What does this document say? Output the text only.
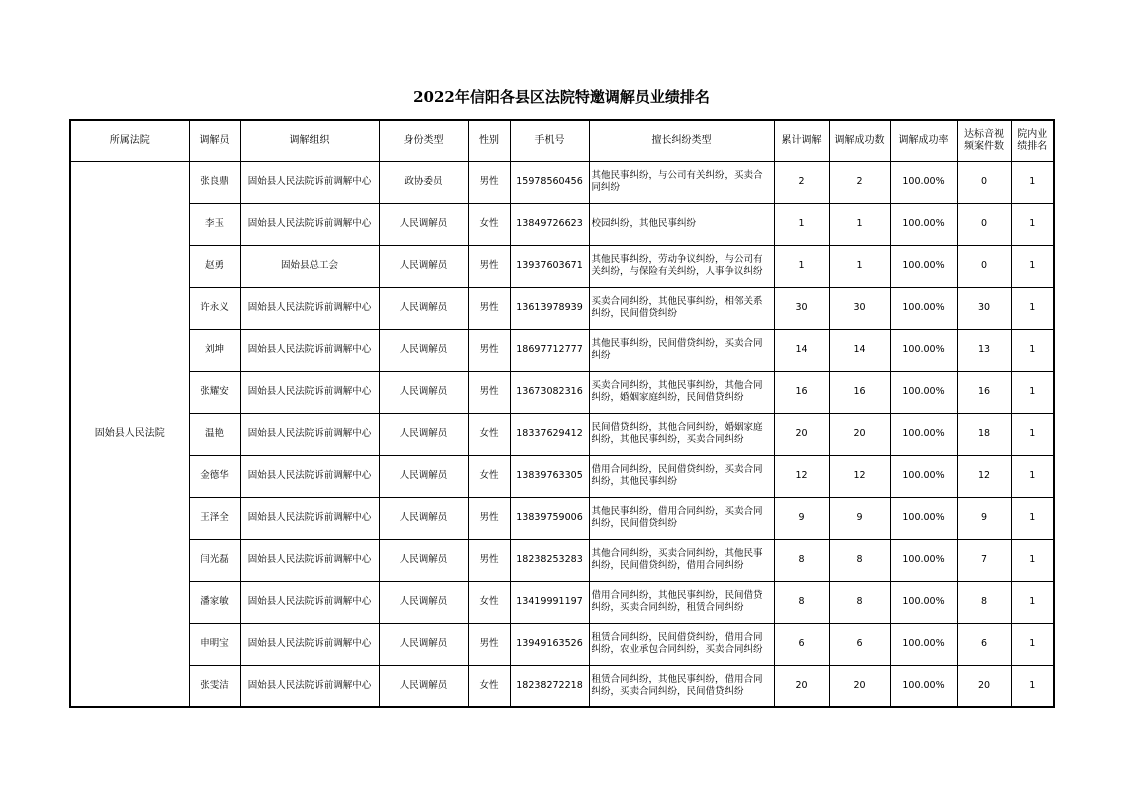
2022年信阳各县区法院特邀调解员业绩排名
所属法院	调解员	调解组织	身份类型	性别	手机号	擅长纠纷类型	累计调解	调解成功数	调解成功率	达标音视频案件数	院内业绩排名
固始县人民法院	张良鼎	固始县人民法院诉前调解中心	政协委员	男性	15978560456	其他民事纠纷，与公司有关纠纷，买卖合同纠纷	2	2	100.00%	0	1
	李玉	固始县人民法院诉前调解中心	人民调解员	女性	13849726623	校园纠纷，其他民事纠纷	1	1	100.00%	0	1
	赵勇	固始县总工会	人民调解员	男性	13937603671	其他民事纠纷，劳动争议纠纷，与公司有关纠纷，与保险有关纠纷，人事争议纠纷	1	1	100.00%	0	1
	许永义	固始县人民法院诉前调解中心	人民调解员	男性	13613978939	买卖合同纠纷，其他民事纠纷，相邻关系纠纷，民间借贷纠纷	30	30	100.00%	30	1
	刘坤	固始县人民法院诉前调解中心	人民调解员	男性	18697712777	其他民事纠纷，民间借贷纠纷，买卖合同纠纷	14	14	100.00%	13	1
	张耀安	固始县人民法院诉前调解中心	人民调解员	男性	13673082316	买卖合同纠纷，其他民事纠纷，其他合同纠纷，婚姻家庭纠纷，民间借贷纠纷	16	16	100.00%	16	1
	温艳	固始县人民法院诉前调解中心	人民调解员	女性	18337629412	民间借贷纠纷，其他合同纠纷，婚姻家庭纠纷，其他民事纠纷，买卖合同纠纷	20	20	100.00%	18	1
	金德华	固始县人民法院诉前调解中心	人民调解员	女性	13839763305	借用合同纠纷，民间借贷纠纷，买卖合同纠纷，其他民事纠纷	12	12	100.00%	12	1
	王泽全	固始县人民法院诉前调解中心	人民调解员	男性	13839759006	其他民事纠纷，借用合同纠纷，买卖合同纠纷，民间借贷纠纷	9	9	100.00%	9	1
	闫光磊	固始县人民法院诉前调解中心	人民调解员	男性	18238253283	其他合同纠纷，买卖合同纠纷，其他民事纠纷，民间借贷纠纷，借用合同纠纷	8	8	100.00%	7	1
	潘家敏	固始县人民法院诉前调解中心	人民调解员	女性	13419991197	借用合同纠纷，其他民事纠纷，民间借贷纠纷，买卖合同纠纷，租赁合同纠纷	8	8	100.00%	8	1
	申明宝	固始县人民法院诉前调解中心	人民调解员	男性	13949163526	租赁合同纠纷，民间借贷纠纷，借用合同纠纷，农业承包合同纠纷，买卖合同纠纷	6	6	100.00%	6	1
	张雯洁	固始县人民法院诉前调解中心	人民调解员	女性	18238272218	租赁合同纠纷，其他民事纠纷，借用合同纠纷，买卖合同纠纷，民间借贷纠纷	20	20	100.00%	20	1
